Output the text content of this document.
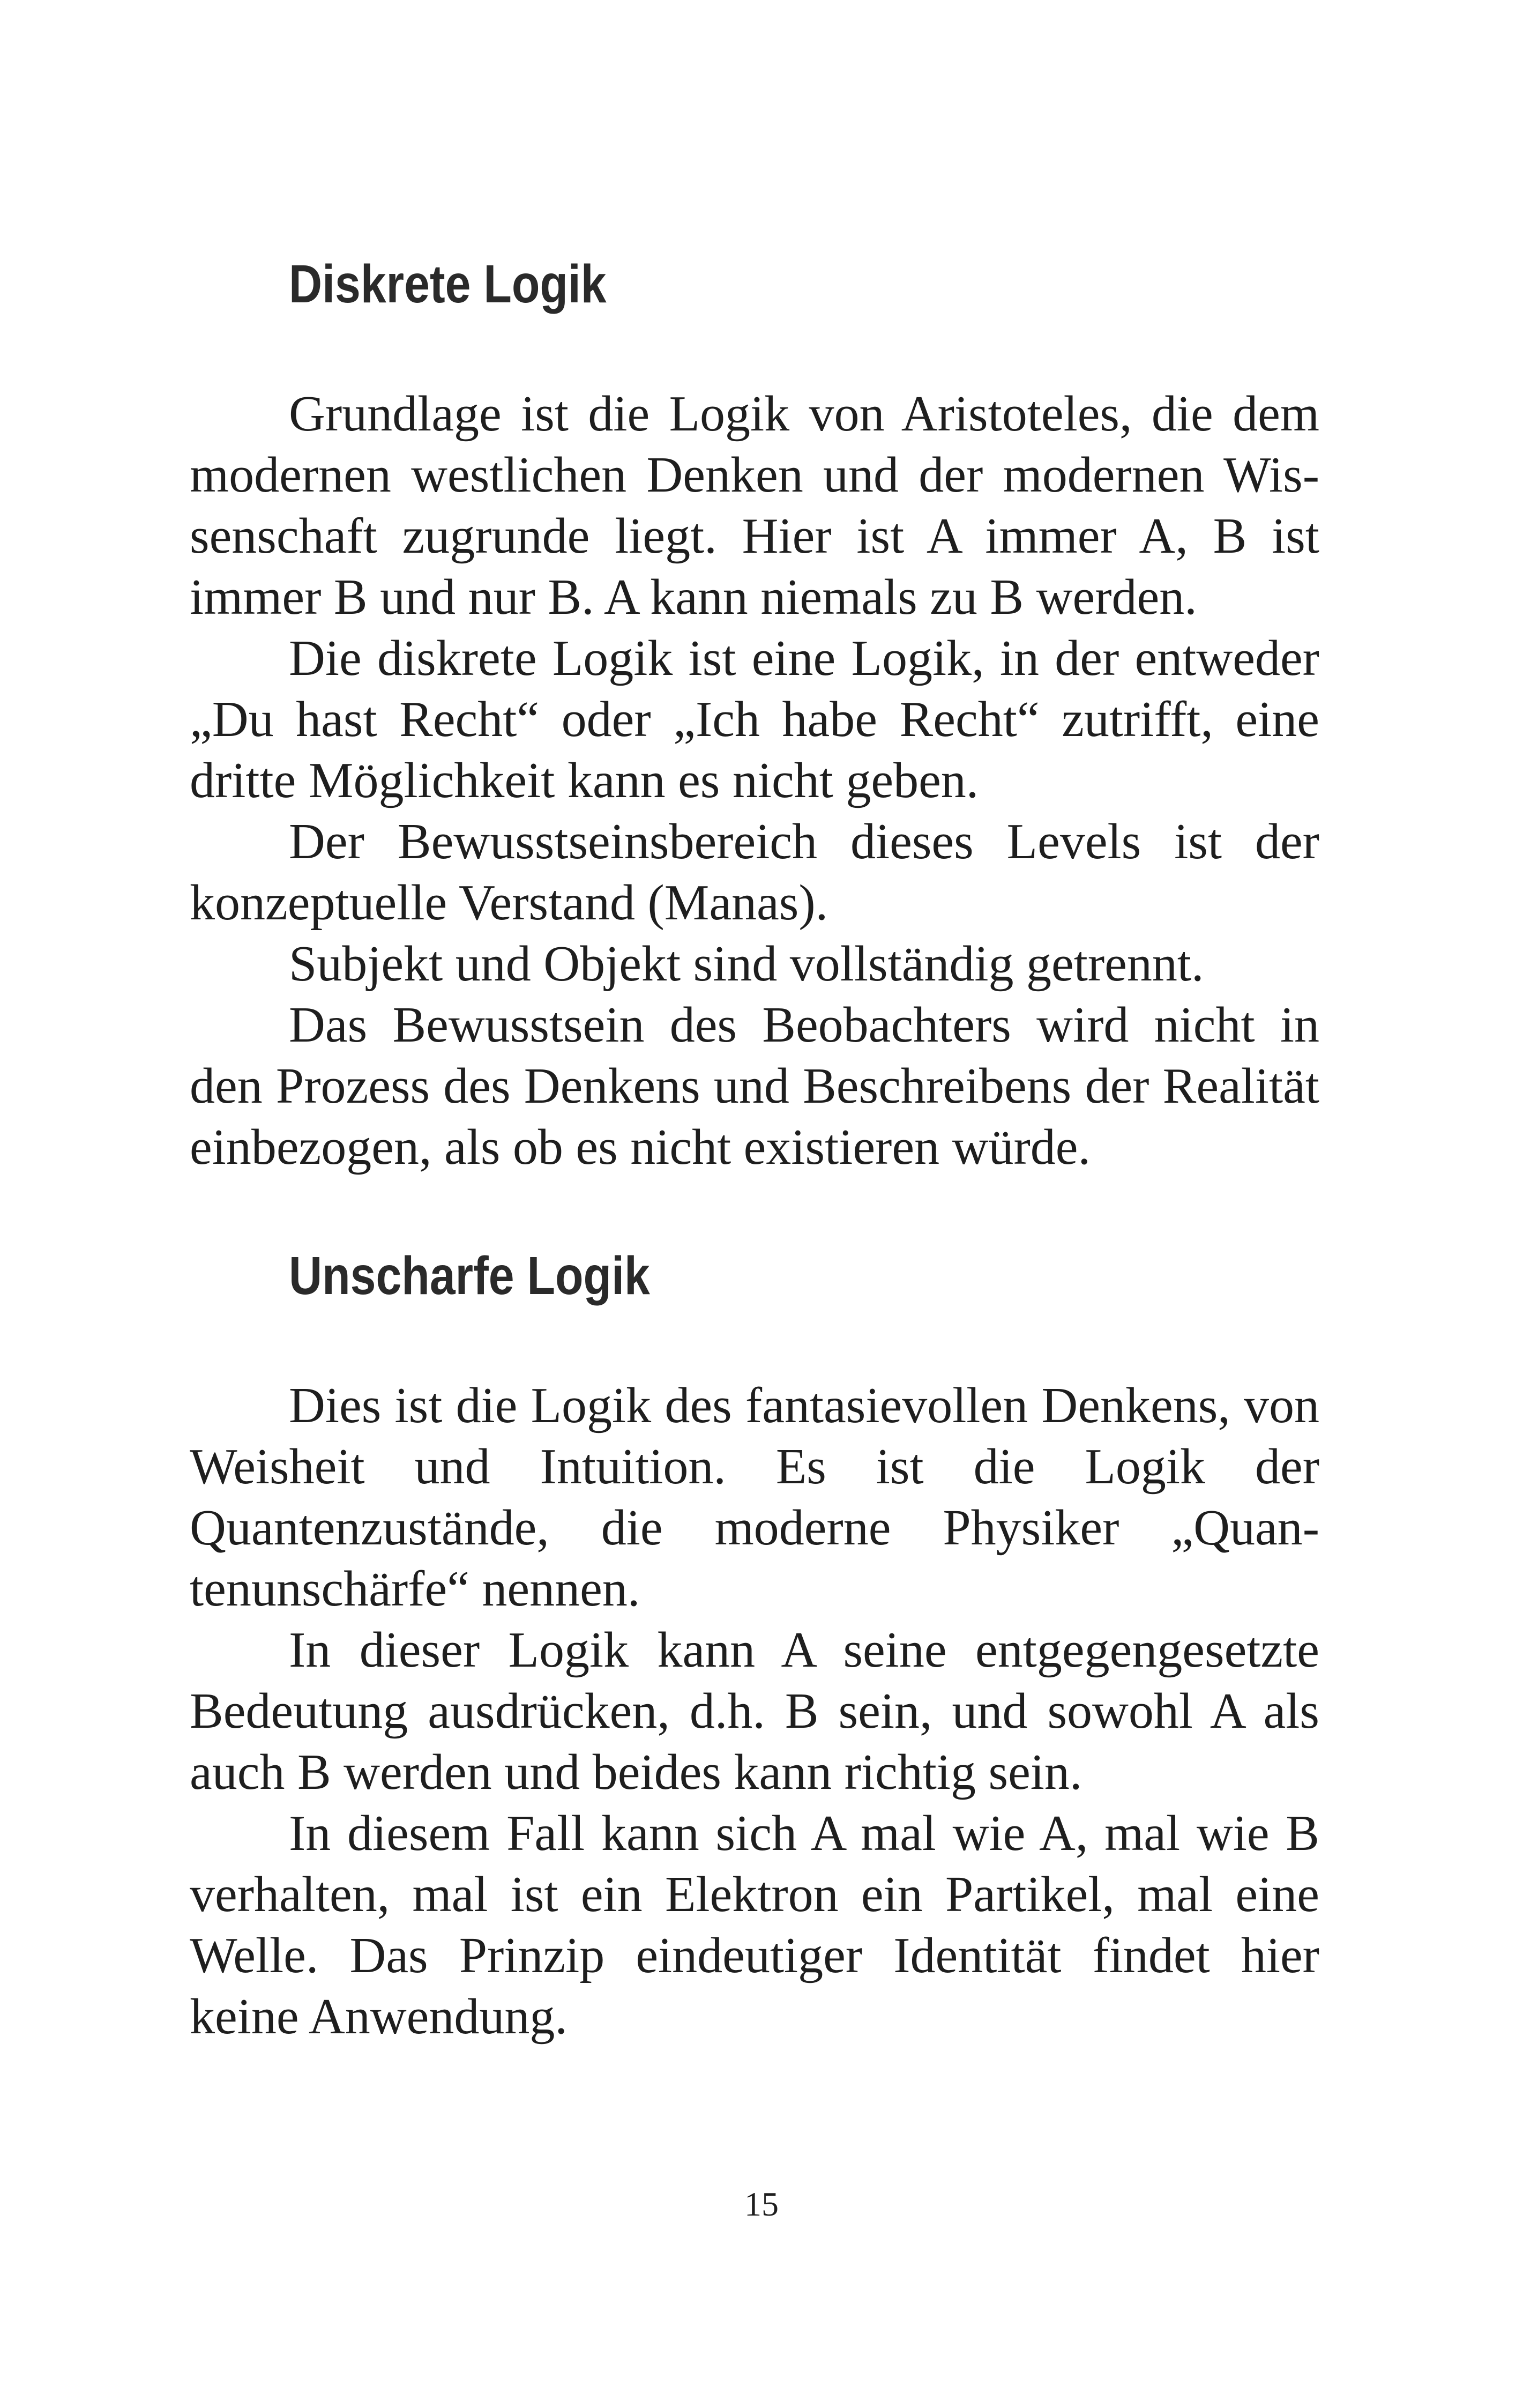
Diskrete Logik

Grundlage ist die Logik von Aristoteles, die dem modernen westlichen Denken und der modernen Wissenschaft zugrunde liegt. Hier ist A immer A, B ist immer B und nur B. A kann niemals zu B werden.

Die diskrete Logik ist eine Logik, in der entweder „Du hast Recht“ oder „Ich habe Recht“ zutrifft, eine dritte Möglichkeit kann es nicht geben.

Der Bewusstseinsbereich dieses Levels ist der konzeptuelle Verstand (Manas).

Subjekt und Objekt sind vollständig getrennt.

Das Bewusstsein des Beobachters wird nicht in den Prozess des Denkens und Beschreibens der Realität einbezogen, als ob es nicht existieren würde.

Unscharfe Logik

Dies ist die Logik des fantasievollen Denkens, von Weisheit und Intuition. Es ist die Logik der Quantenzustände, die moderne Physiker „Quantenunschärfe“ nennen.

In dieser Logik kann A seine entgegengesetzte Bedeutung ausdrücken, d.h. B sein, und sowohl A als auch B werden und beides kann richtig sein.

In diesem Fall kann sich A mal wie A, mal wie B verhalten, mal ist ein Elektron ein Partikel, mal eine Welle. Das Prinzip eindeutiger Identität findet hier keine Anwendung.

15
